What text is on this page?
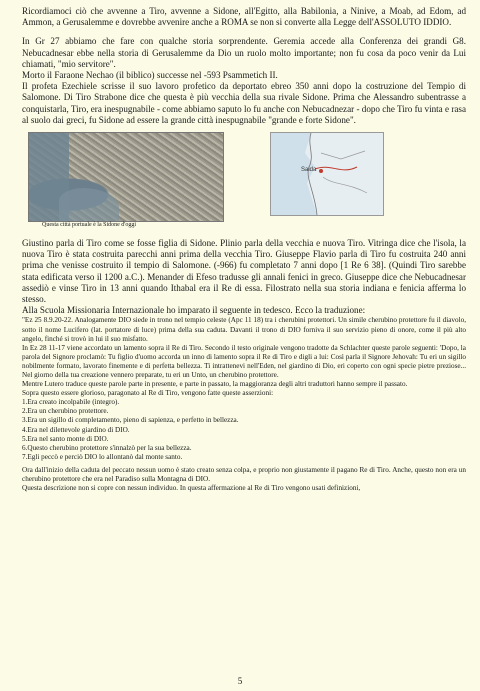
Ricordiamoci ciò che avvenne a Tiro, avvenne a Sidone, all'Egitto, alla Babilonia, a Ninive, a Moab, ad Edom, ad Ammon, a Gerusalemme e dovrebbe avvenire anche a ROMA se non si converte alla Legge dell'ASSOLUTO IDDIO.

In Gr 27 abbiamo che fare con qualche storia sorprendente. Geremia accede alla Conferenza dei grandi G8. Nebucadnesar ebbe nella storia di Gerusalemme da Dio un ruolo molto importante; non fu cosa da poco venir da Lui chiamati, "mio servitore".

Morto il Faraone Nechao (il biblico) successe nel -593 Psammetich II.

Il profeta Ezechiele scrisse il suo lavoro profetico da deportato ebreo 350 anni dopo la costruzione del Tempio di Salomone. Di Tiro Strabone dice che questa è più vecchia della sua rivale Sidone. Prima che Alessandro subentrasse a conquistarla, Tiro, era inespugnabile - come abbiamo saputo lo fu anche con Nebucadnezar - dopo che Tiro fu vinta e rasa al suolo dai greci, fu Sidone ad essere la grande città inespugnabile "grande e forte Sidone".

Questa città portuale è la Sidone d'oggi
Saida

Giustino parla di Tiro come se fosse figlia di Sidone. Plinio parla della vecchia e nuova Tiro. Vitringa dice che l'isola, la nuova Tiro è stata costruita parecchi anni prima della vecchia Tiro. Giuseppe Flavio parla di Tiro fu costruita 240 anni prima che venisse costruito il tempio di Salomone. (-966) fu completato 7 anni dopo [1 Re 6 38]. (Quindi Tiro sarebbe stata edificata verso il 1200 a.C.). Menander di Efeso tradusse gli annali fenici in greco. Giuseppe dice che Nebucadnesar assediò e vinse Tiro in 13 anni quando Ithabal era il Re di essa. Filostrato nella sua storia indiana e fenicia afferma lo stesso.

Alla Scuola Missionaria Internazionale ho imparato il seguente in tedesco. Ecco la traduzione:

"Ez 25 8.9.20-22. Analogamente DIO siede in trono nel tempio celeste (Apc 11 18) tra i cherubini protettori. Un simile cherubino protettore fu il diavolo, sotto il nome Lucifero (lat. portatore di luce) prima della sua caduta. Davanti il trono di DIO forniva il suo servizio pieno di onore, come il più alto angelo, finché si trovò in lui il suo misfatto.

In Ez 28 11-17 viene accordato un lamento sopra il Re di Tiro. Secondo il testo originale vengono tradotte da Schlachter queste parole seguenti: 'Dopo, la parola del Signore proclamò: Tu figlio d'uomo accorda un inno di lamento sopra il Re di Tiro e digli a lui: Così parla il Signore Jehovah: Tu eri un sigillo nobilmente formato, lavorato finemente e di perfetta bellezza. Ti intrattenevi nell'Eden, nel giardino di Dio, eri coperto con ogni specie pietre preziose... Nel giorno della tua creazione vennero preparate, tu eri un Unto, un cherubino protettore.

Mentre Lutero traduce queste parole parte in presente, e parte in passato, la maggioranza degli altri traduttori hanno sempre il passato.

Sopra questo essere glorioso, paragonato al Re di Tiro, vengono fatte queste asserzioni:

1.Era creato incolpabile (integro).

2.Era un cherubino protettore.

3.Era un sigillo di completamento, pieno di sapienza, e perfetto in bellezza.

4.Era nel dilettevole giardino di DIO.

5.Era nel santo monte di DIO.

6.Questo cherubino protettore s'innalzò per la sua bellezza.

7.Egli peccò e perciò DIO lo allontanò dal monte santo.

Ora dall'inizio della caduta del peccato nessun uomo è stato creato senza colpa, e proprio non giustamente il pagano Re di Tiro. Anche, questo non era un cherubino protettore che era nel Paradiso sulla Montagna di DIO.

Questa descrizione non si copre con nessun individuo. In questa affermazione al Re di Tiro vengono usati definizioni,

5
